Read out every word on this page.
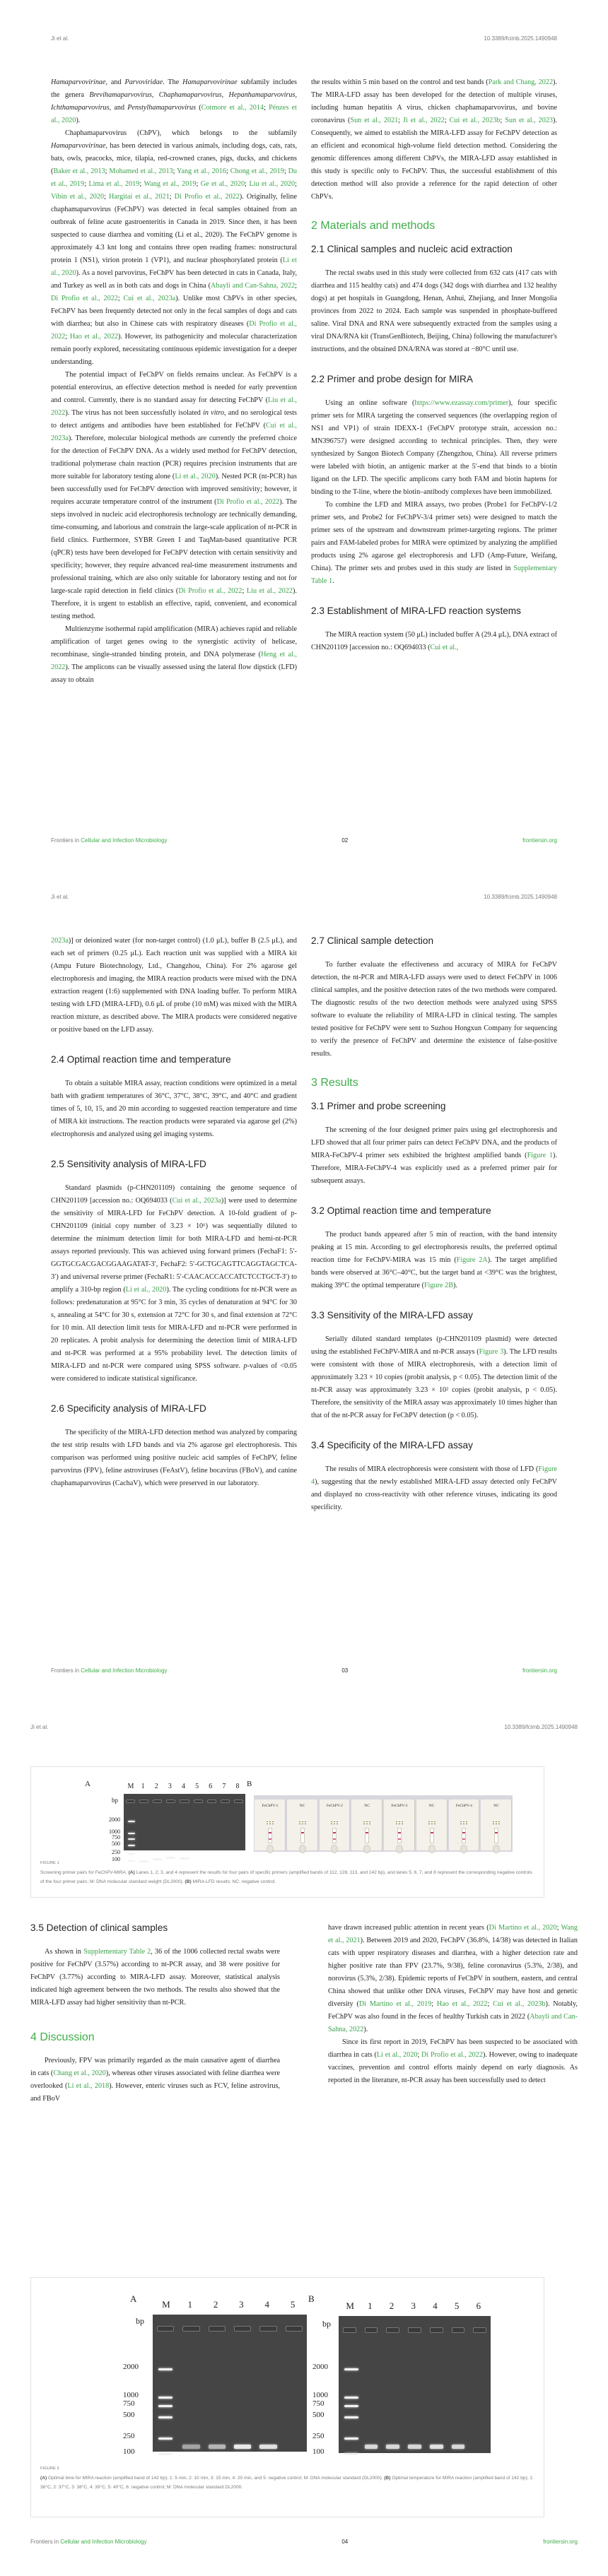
Ji et al.	10.3389/fcimb.2025.1490948

Hamaparvovirinae, and Parvoviridae. The Hamaparvovirinae subfamily includes the genera Brevihamaparvovirus, Chaphamaparvovirus, Hepanhamaparvovirus, Ichthamaparvovirus, and Penstylhamaparvovirus (Cotmore et al., 2014; Pénzes et al., 2020).

Chaphamaparvovirus (ChPV), which belongs to the subfamily Hamaparvovirinae, has been detected in various animals, including dogs, cats, rats, bats, owls, peacocks, mice, tilapia, red-crowned cranes, pigs, ducks, and chickens (Baker et al., 2013; Mohamed et al., 2013; Yang et al., 2016; Chong et al., 2019; Du et al., 2019; Lima et al., 2019; Wang et al., 2019; Ge et al., 2020; Liu et al., 2020; Vibin et al., 2020; Hargitai et al., 2021; Di Profio et al., 2022). Originally, feline chaphamaparvovirus (FeChPV) was detected in fecal samples obtained from an outbreak of feline acute gastroenteritis in Canada in 2019. Since then, it has been suspected to cause diarrhea and vomiting (Li et al., 2020). The FeChPV genome is approximately 4.3 knt long and contains three open reading frames: nonstructural protein 1 (NS1), virion protein 1 (VP1), and nuclear phosphorylated protein (Li et al., 2020). As a novel parvovirus, FeChPV has been detected in cats in Canada, Italy, and Turkey as well as in both cats and dogs in China (Abayli and Can-Sahna, 2022; Di Profio et al., 2022; Cui et al., 2023a). Unlike most ChPVs in other species, FeChPV has been frequently detected not only in the fecal samples of dogs and cats with diarrhea; but also in Chinese cats with respiratory diseases (Di Profio et al., 2022; Hao et al., 2022). However, its pathogenicity and molecular characterization remain poorly explored, necessitating continuous epidemic investigation for a deeper understanding.

The potential impact of FeChPV on fields remains unclear. As FeChPV is a potential enterovirus, an effective detection method is needed for early prevention and control. Currently, there is no standard assay for detecting FeChPV (Liu et al., 2022). The virus has not been successfully isolated in vitro, and no serological tests to detect antigens and antibodies have been established for FeChPV (Cui et al., 2023a). Therefore, molecular biological methods are currently the preferred choice for the detection of FeChPV DNA. As a widely used method for FeChPV detection, traditional polymerase chain reaction (PCR) requires precision instruments that are more suitable for laboratory testing alone (Li et al., 2020). Nested PCR (nt-PCR) has been successfully used for FeChPV detection with improved sensitivity; however, it requires accurate temperature control of the instrument (Di Profio et al., 2022). The steps involved in nucleic acid electrophoresis technology are technically demanding, time-consuming, and laborious and constrain the large-scale application of nt-PCR in field clinics. Furthermore, SYBR Green I and TaqMan-based quantitative PCR (qPCR) tests have been developed for FeChPV detection with certain sensitivity and specificity; however, they require advanced real-time measurement instruments and professional training, which are also only suitable for laboratory testing and not for large-scale rapid detection in field clinics (Di Profio et al., 2022; Liu et al., 2022). Therefore, it is urgent to establish an effective, rapid, convenient, and economical testing method.

Multienzyme isothermal rapid amplification (MIRA) achieves rapid and reliable amplification of target genes owing to the synergistic activity of helicase, recombinase, single-stranded binding protein, and DNA polymerase (Heng et al., 2022). The amplicons can be visually assessed using the lateral flow dipstick (LFD) assay to obtain

the results within 5 min based on the control and test bands (Park and Chang, 2022). The MIRA-LFD assay has been developed for the detection of multiple viruses, including human hepatitis A virus, chicken chaphamaparvovirus, and bovine coronavirus (Sun et al., 2021; Ji et al., 2022; Cui et al., 2023b; Sun et al., 2023). Consequently, we aimed to establish the MIRA-LFD assay for FeChPV detection as an efficient and economical high-volume field detection method. Considering the genomic differences among different ChPVs, the MIRA-LFD assay established in this study is specific only to FeChPV. Thus, the successful establishment of this detection method will also provide a reference for the rapid detection of other ChPVs.

2 Materials and methods
2.1 Clinical samples and nucleic acid extraction

The rectal swabs used in this study were collected from 632 cats (417 cats with diarrhea and 115 healthy cats) and 474 dogs (342 dogs with diarrhea and 132 healthy dogs) at pet hospitals in Guangdong, Henan, Anhui, Zhejiang, and Inner Mongolia provinces from 2022 to 2024. Each sample was suspended in phosphate-buffered saline. Viral DNA and RNA were subsequently extracted from the samples using a viral DNA/RNA kit (TransGenBiotech, Beijing, China) following the manufacturer's instructions, and the obtained DNA/RNA was stored at −80°C until use.

2.2 Primer and probe design for MIRA

Using an online software (https://www.ezassay.com/primer), four specific primer sets for MIRA targeting the conserved sequences (the overlapping region of NS1 and VP1) of strain IDEXX-1 (FeChPV prototype strain, accession no.: MN396757) were designed according to technical principles. Then, they were synthesized by Sangon Biotech Company (Zhengzhou, China). All reverse primers were labeled with biotin, an antigenic marker at the 5′-end that binds to a biotin ligand on the LFD. The specific amplicons carry both FAM and biotin haptens for binding to the T-line, where the biotin–antibody complexes have been immobilized.

To combine the LFD and MIRA assays, two probes (Probe1 for FeChPV-1/2 primer sets, and Probe2 for FeChPV-3/4 primer sets) were designed to match the primer sets of the upstream and downstream primer-targeting regions. The primer pairs and FAM-labeled probes for MIRA were optimized by analyzing the amplified products using 2% agarose gel electrophoresis and LFD (Amp-Future, Weifang, China). The primer sets and probes used in this study are listed in Supplementary Table 1.

2.3 Establishment of MIRA-LFD reaction systems

The MIRA reaction system (50 μL) included buffer A (29.4 μL), DNA extract of CHN201109 [accession no.: OQ694033 (Cui et al.,

Frontiers in Cellular and Infection Microbiology	02	frontiersin.org
Ji et al.	10.3389/fcimb.2025.1490948

2023a)] or deionized water (for non-target control) (1.0 μL), buffer B (2.5 μL), and each set of primers (0.25 μL). Each reaction unit was supplied with a MIRA kit (Ampu Future Biotechnology, Ltd., Changzhou, China). For 2% agarose gel electrophoresis and imaging, the MIRA reaction products were mixed with the DNA extraction reagent (1:6) supplemented with DNA loading buffer. To perform MIRA testing with LFD (MIRA-LFD), 0.6 μL of probe (10 mM) was mixed with the MIRA reaction mixture, as described above. The MIRA products were considered negative or positive based on the LFD assay.

2.4 Optimal reaction time and temperature

To obtain a suitable MIRA assay, reaction conditions were optimized in a metal bath with gradient temperatures of 36°C, 37°C, 38°C, 39°C, and 40°C and gradient times of 5, 10, 15, and 20 min according to suggested reaction temperature and time of MIRA kit instructions. The reaction products were separated via agarose gel (2%) electrophoresis and analyzed using gel imaging systems.

2.5 Sensitivity analysis of MIRA-LFD

Standard plasmids (p-CHN201109) containing the genome sequence of CHN201109 [accession no.: OQ694033 (Cui et al., 2023a)] were used to determine the sensitivity of MIRA-LFD for FeChPV detection. A 10-fold gradient of p-CHN201109 (initial copy number of 3.23 × 10⁶) was sequentially diluted to determine the minimum detection limit for both MIRA-LFD and hemi-nt-PCR assays reported previously. This was achieved using forward primers (FechaF1: 5′-GGTGCGACGACGGAAGATAT-3′, FechaF2: 5′-GCTGCAGTTCAGGTAGCTCA-3′) and universal reverse primer (FechaR1: 5′-CAACACCACCATCTCCTGCT-3′) to amplify a 310-bp region (Li et al., 2020). The cycling conditions for nt-PCR were as follows: predenaturation at 95°C for 3 min, 35 cycles of denaturation at 94°C for 30 s, annealing at 54°C for 30 s, extension at 72°C for 30 s, and final extension at 72°C for 10 min. All detection limit tests for MIRA-LFD and nt-PCR were performed in 20 replicates. A probit analysis for determining the detection limit of MIRA-LFD and nt-PCR was performed at a 95% probability level. The detection limits of MIRA-LFD and nt-PCR were compared using SPSS software. p-values of <0.05 were considered to indicate statistical significance.

2.6 Specificity analysis of MIRA-LFD

The specificity of the MIRA-LFD detection method was analyzed by comparing the test strip results with LFD bands and via 2% agarose gel electrophoresis. This comparison was performed using positive nucleic acid samples of FeChPV, feline parvovirus (FPV), feline astroviruses (FeAstV), feline bocavirus (FBoV), and canine chaphamaparvovirus (CachaV), which were preserved in our laboratory.

2.7 Clinical sample detection

To further evaluate the effectiveness and accuracy of MIRA for FeChPV detection, the nt-PCR and MIRA-LFD assays were used to detect FeChPV in 1006 clinical samples, and the positive detection rates of the two methods were compared. The diagnostic results of the two detection methods were analyzed using SPSS software to evaluate the reliability of MIRA-LFD in clinical testing. The samples tested positive for FeChPV were sent to Suzhou Hongxun Company for sequencing to verify the presence of FeChPV and determine the existence of false-positive results.

3 Results
3.1 Primer and probe screening

The screening of the four designed primer pairs using gel electrophoresis and LFD showed that all four primer pairs can detect FeChPV DNA, and the products of MIRA-FeChPV-4 primer sets exhibited the brightest amplified bands (Figure 1). Therefore, MIRA-FeChPV-4 was explicitly used as a preferred primer pair for subsequent assays.

3.2 Optimal reaction time and temperature

The product bands appeared after 5 min of reaction, with the band intensity peaking at 15 min. According to gel electrophoresis results, the preferred optimal reaction time for FeChPV-MIRA was 15 min (Figure 2A). The target amplified bands were observed at 36°C–40°C, but the target band at <39°C was the brightest, making 39°C the optimal temperature (Figure 2B).

3.3 Sensitivity of the MIRA-LFD assay

Serially diluted standard templates (p-CHN201109 plasmid) were detected using the established FeChPV-MIRA and nt-PCR assays (Figure 3). The LFD results were consistent with those of MIRA electrophoresis, with a detection limit of approximately 3.23 × 10 copies (probit analysis, p < 0.05). The detection limit of the nt-PCR assay was approximately 3.23 × 10² copies (probit analysis, p < 0.05). Therefore, the sensitivity of the MIRA assay was approximately 10 times higher than that of the nt-PCR assay for FeChPV detection (p < 0.05).

3.4 Specificity of the MIRA-LFD assay

The results of MIRA electrophoresis were consistent with those of LFD (Figure 4), suggesting that the newly established MIRA-LFD assay detected only FeChPV and displayed no cross-reactivity with other reference viruses, indicating its good specificity.

Frontiers in Cellular and Infection Microbiology	03	frontiersin.org
Ji et al.	10.3389/fcimb.2025.1490948
A	M 1 2 3 4 5 6 7 8
bp
2000
1000
750
500
250
100
B
FeChPV-1	NC	FeChPV-2	NC	FeChPV-3	NC	FeChPV-4	NC
FIGURE 1
Screening primer pairs for FeChPV-MIRA. (A) Lanes 1, 2, 3, and 4 represent the results for four pairs of specific primers (amplified bands of 112, 128, 113, and 142 bp), and lanes 5, 6, 7, and 8 represent the corresponding negative controls of the four primer pairs; M: DNA molecular standard weight (DL2000). (B) MIRA-LFD results; NC: negative control.
3.5 Detection of clinical samples

As shown in Supplementary Table 2, 36 of the 1006 collected rectal swabs were positive for FeChPV (3.57%) according to nt-PCR assay, and 38 were positive for FeChPV (3.77%) according to MIRA-LFD assay. Moreover, statistical analysis indicated high agreement between the two methods. The results also showed that the MIRA-LFD assay had higher sensitivity than nt-PCR.

4 Discussion

Previously, FPV was primarily regarded as the main causative agent of diarrhea in cats (Chang et al., 2020), whereas other viruses associated with feline diarrhea were overlooked (Li et al., 2018). However, enteric viruses such as FCV, feline astrovirus, and FBoV

have drawn increased public attention in recent years (Di Martino et al., 2020; Wang et al., 2021). Between 2019 and 2020, FeChPV (36.8%, 14/38) was detected in Italian cats with upper respiratory diseases and diarrhea, with a higher detection rate and higher positive rate than FPV (23.7%, 9/38), feline coronavirus (5.3%, 2/38), and norovirus (5.3%, 2/38). Epidemic reports of FeChPV in southern, eastern, and central China showed that unlike other DNA viruses, FeChPV may have host and genetic diversity (Di Martino et al., 2019; Hao et al., 2022; Cui et al., 2023b). Notably, FeChPV was also found in the feces of healthy Turkish cats in 2022 (Abayli and Can-Sahna, 2022).

Since its first report in 2019, FeChPV has been suspected to be associated with diarrhea in cats (Li et al., 2020; Di Profio et al., 2022). However, owing to inadequate vaccines, prevention and control efforts mainly depend on early diagnosis. As reported in the literature, nt-PCR assay has been successfully used to detect

A	B
bp	bp
M 1 2 3 4 5	M 1 2 3 4 5 6
2000
1000
750
500
250
100
2000
1000
750
500
250
100
FIGURE 2
(A) Optimal time for MIRA reaction (amplified band of 142 bp); 1: 5 min, 2: 10 min, 3: 15 min, 4: 20 min, and 5: negative control; M: DNA molecular standard (DL2000). (B) Optimal temperature for MIRA reaction (amplified band of 142 bp); 1: 36°C, 2: 37°C, 3: 38°C, 4: 39°C, 5: 40°C, 6: negative control; M: DNA molecular standard DL2000.
Frontiers in Cellular and Infection Microbiology	04	frontiersin.org
